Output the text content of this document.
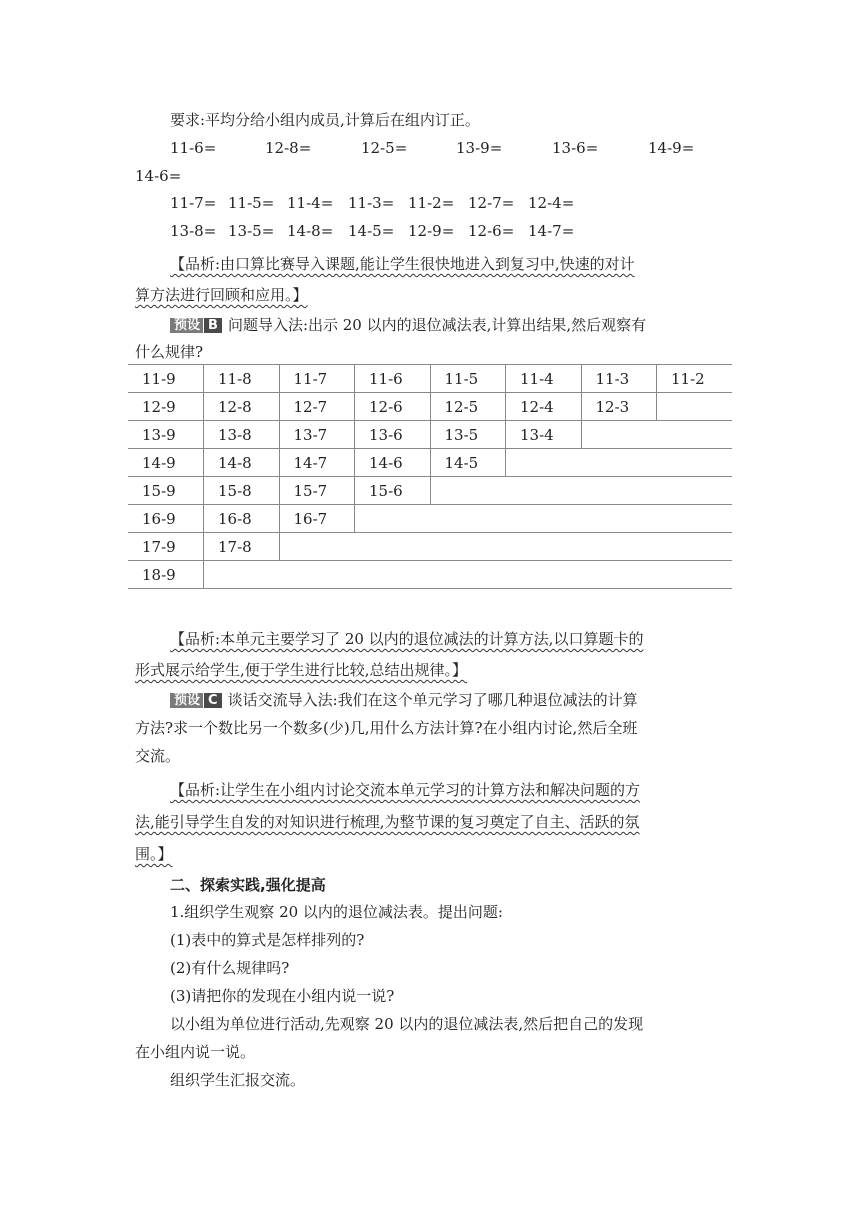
要求:平均分给小组内成员,计算后在组内订正。
11-6=	12-8=	12-5=	13-9=	13-6=	14-9=
14-6=
11-7= 11-5= 11-4= 11-3= 11-2= 12-7= 12-4=
13-8= 13-5= 14-8= 14-5= 12-9= 12-6= 14-7=
【品析:由口算比赛导入课题,能让学生很快地进入到复习中,快速的对计
算方法进行回顾和应用。】
预设 B 问题导入法:出示 20 以内的退位减法表,计算出结果,然后观察有
什么规律?
11-9	11-8	11-7	11-6	11-5	11-4	11-3	11-2
12-9	12-8	12-7	12-6	12-5	12-4	12-3	
13-9	13-8	13-7	13-6	13-5	13-4		
14-9	14-8	14-7	14-6	14-5			
15-9	15-8	15-7	15-6				
16-9	16-8	16-7					
17-9	17-8						
18-9							
【品析:本单元主要学习了 20 以内的退位减法的计算方法,以口算题卡的
形式展示给学生,便于学生进行比较,总结出规律。】
预设 C 谈话交流导入法:我们在这个单元学习了哪几种退位减法的计算
方法?求一个数比另一个数多(少)几,用什么方法计算?在小组内讨论,然后全班
交流。
【品析:让学生在小组内讨论交流本单元学习的计算方法和解决问题的方
法,能引导学生自发的对知识进行梳理,为整节课的复习奠定了自主、活跃的氛
围。】
二、探索实践,强化提高
1.组织学生观察 20 以内的退位减法表。提出问题:
(1)表中的算式是怎样排列的?
(2)有什么规律吗?
(3)请把你的发现在小组内说一说?
以小组为单位进行活动,先观察 20 以内的退位减法表,然后把自己的发现
在小组内说一说。
组织学生汇报交流。
